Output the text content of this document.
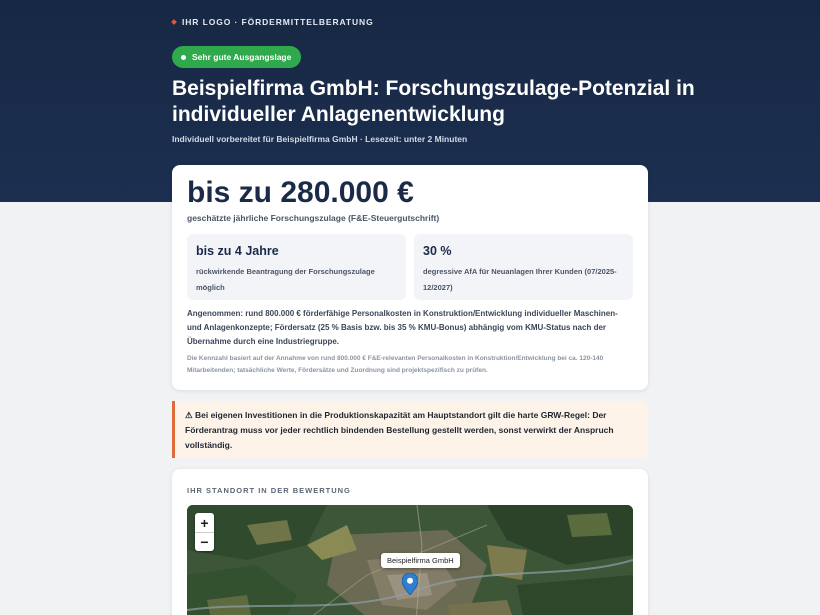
IHR LOGO · FÖRDERMITTELBERATUNG
Sehr gute Ausgangslage
Beispielfirma GmbH: Forschungszulage-Potenzial in individueller Anlagenentwicklung
Individuell vorbereitet für Beispielfirma GmbH · Lesezeit: unter 2 Minuten
bis zu 280.000 €
geschätzte jährliche Forschungszulage (F&E-Steuergutschrift)
bis zu 4 Jahre
rückwirkende Beantragung der Forschungszulage möglich
30 %
degressive AfA für Neuanlagen Ihrer Kunden (07/2025-12/2027)

Angenommen: rund 800.000 € förderfähige Personalkosten in Konstruktion/Entwicklung individueller Maschinen- und Anlagenkonzepte; Fördersatz (25 % Basis bzw. bis 35 % KMU-Bonus) abhängig vom KMU-Status nach der Übernahme durch eine Industriegruppe.

Die Kennzahl basiert auf der Annahme von rund 800.000 € F&E-relevanten Personalkosten in Konstruktion/Entwicklung bei ca. 120-140 Mitarbeitenden; tatsächliche Werte, Fördersätze und Zuordnung sind projektspezifisch zu prüfen.

⚠ Bei eigenen Investitionen in die Produktionskapazität am Hauptstandort gilt die harte GRW-Regel: Der Förderantrag muss vor jeder rechtlich bindenden Bestellung gestellt werden, sonst verwirkt der Anspruch vollständig.
IHR STANDORT IN DER BEWERTUNG
+
−
Beispielfirma GmbH
